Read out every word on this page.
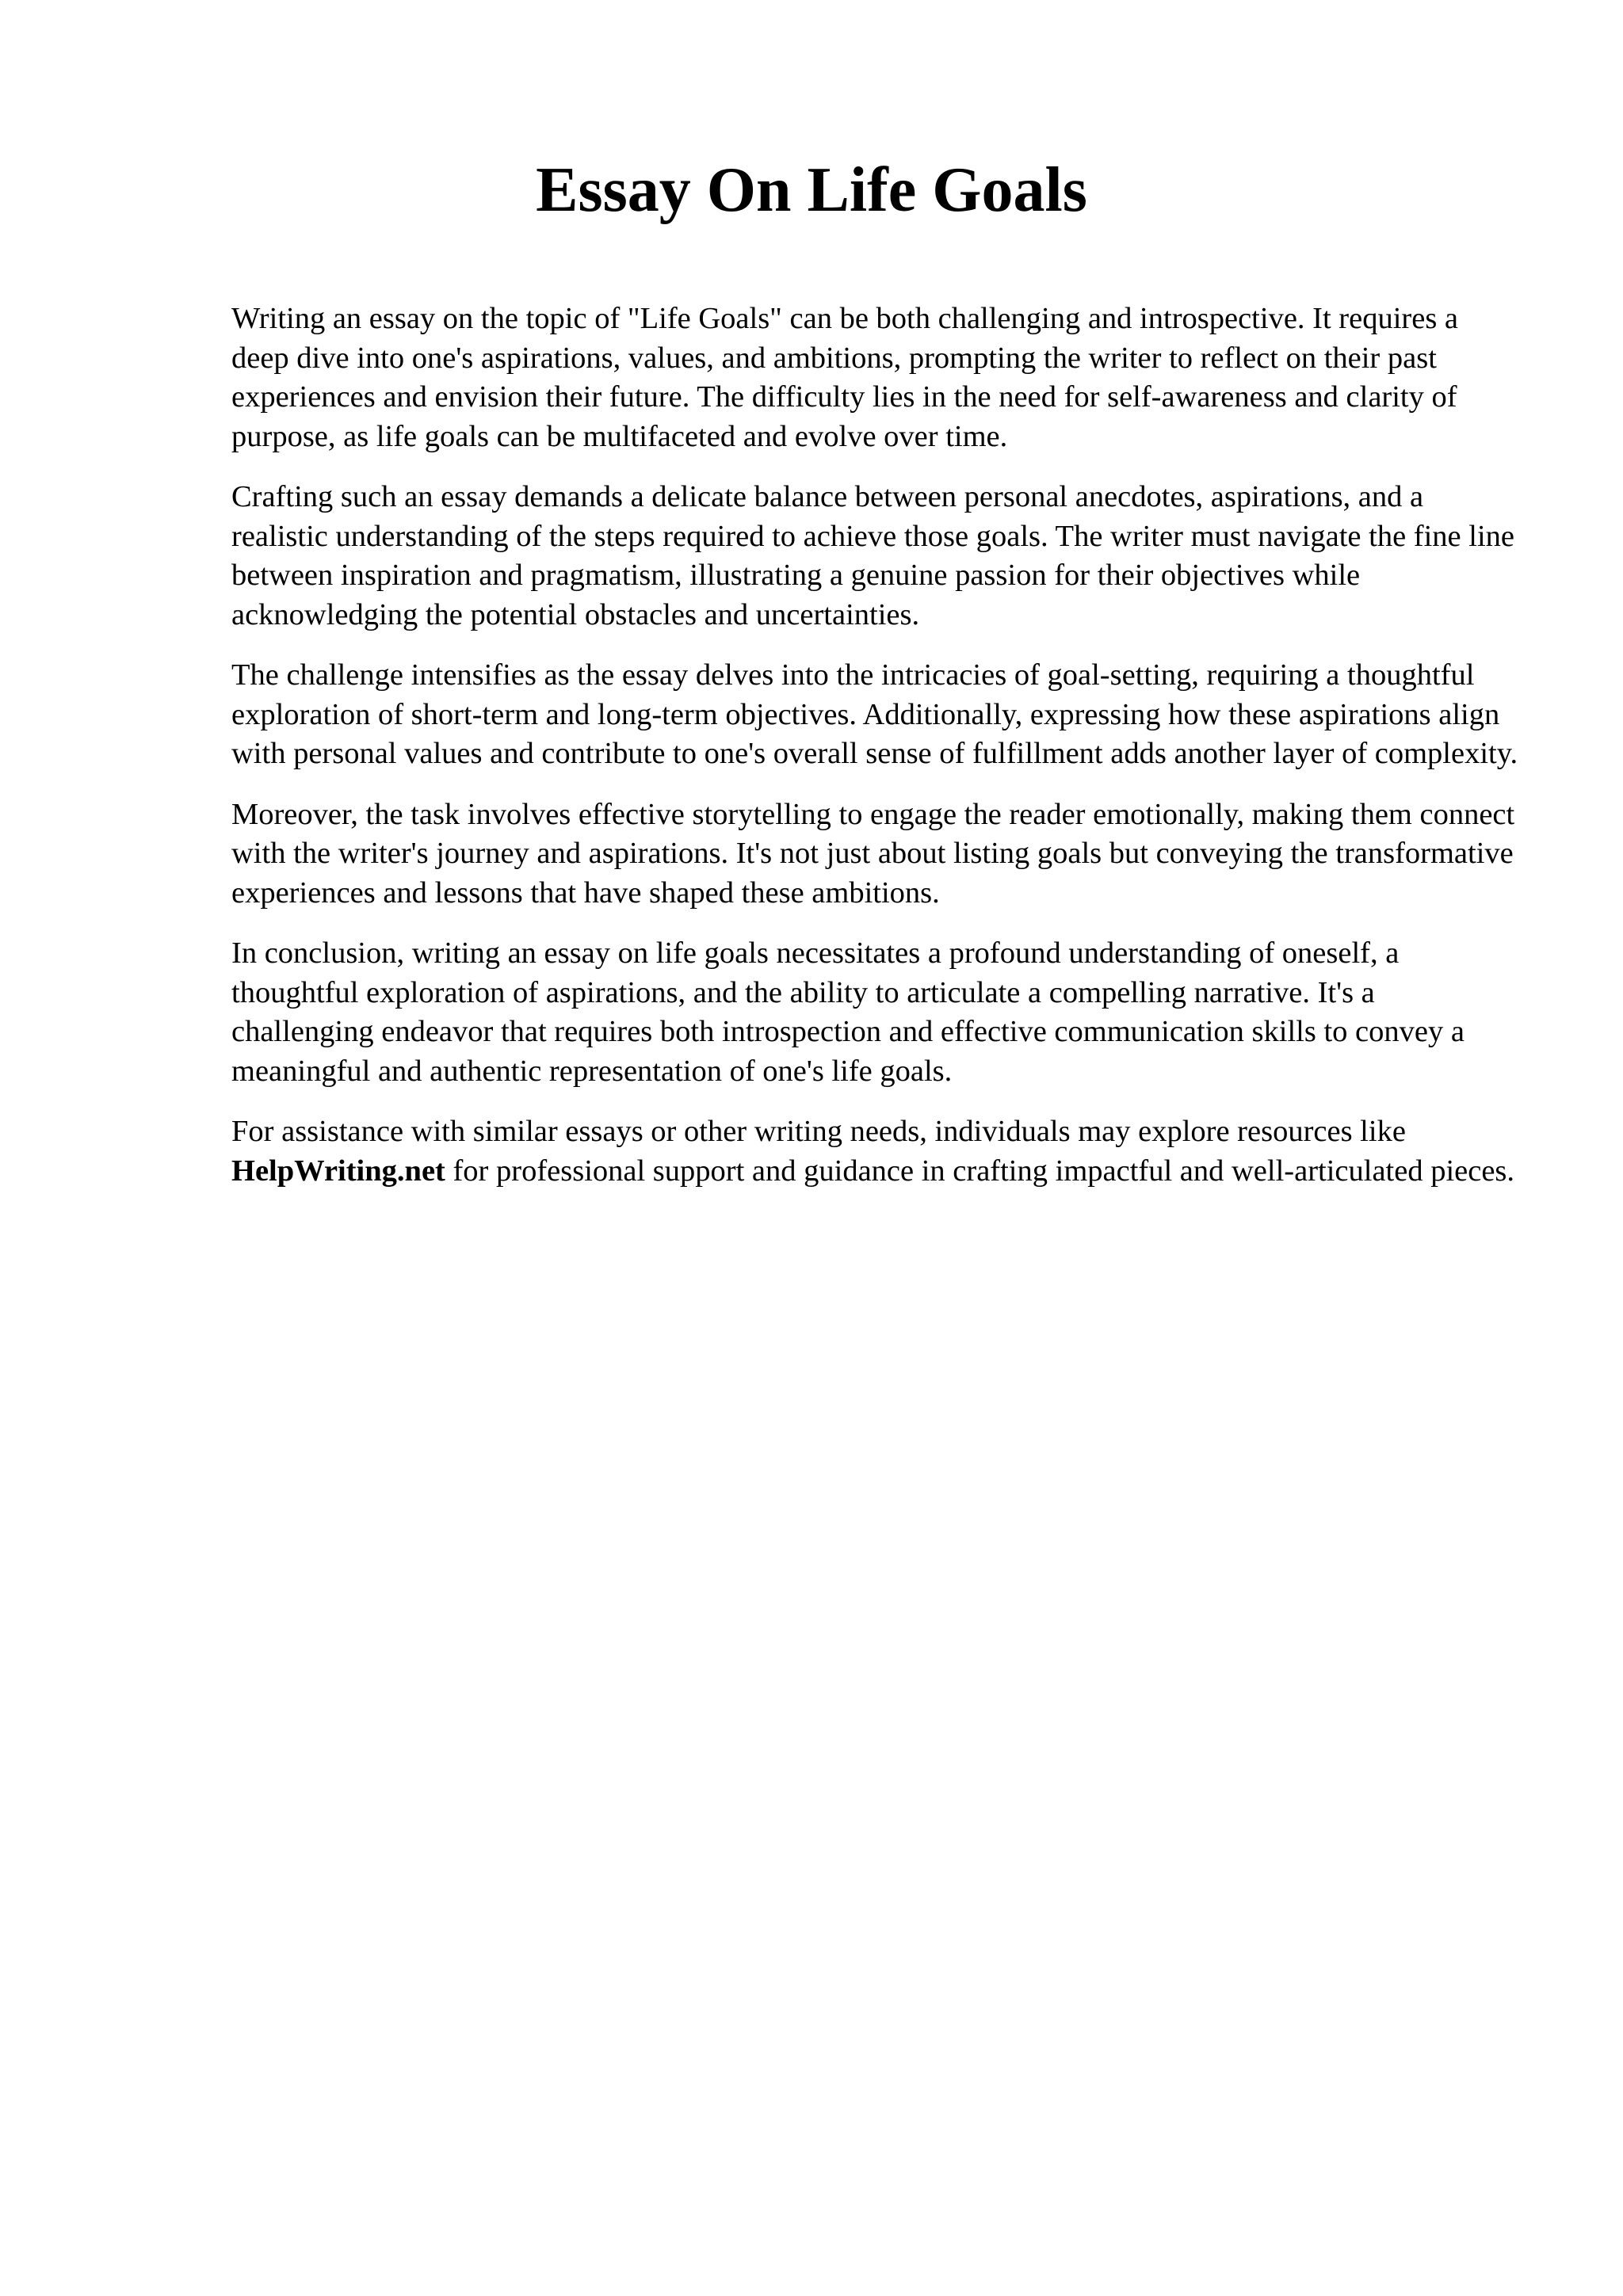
Essay On Life Goals

Writing an essay on the topic of "Life Goals" can be both challenging and introspective. It requires a deep dive into one's aspirations, values, and ambitions, prompting the writer to reflect on their past experiences and envision their future. The difficulty lies in the need for self-awareness and clarity of purpose, as life goals can be multifaceted and evolve over time.

Crafting such an essay demands a delicate balance between personal anecdotes, aspirations, and a realistic understanding of the steps required to achieve those goals. The writer must navigate the fine line between inspiration and pragmatism, illustrating a genuine passion for their objectives while acknowledging the potential obstacles and uncertainties.

The challenge intensifies as the essay delves into the intricacies of goal-setting, requiring a thoughtful exploration of short-term and long-term objectives. Additionally, expressing how these aspirations align with personal values and contribute to one's overall sense of fulfillment adds another layer of complexity.

Moreover, the task involves effective storytelling to engage the reader emotionally, making them connect with the writer's journey and aspirations. It's not just about listing goals but conveying the transformative experiences and lessons that have shaped these ambitions.

In conclusion, writing an essay on life goals necessitates a profound understanding of oneself, a thoughtful exploration of aspirations, and the ability to articulate a compelling narrative. It's a challenging endeavor that requires both introspection and effective communication skills to convey a meaningful and authentic representation of one's life goals.

For assistance with similar essays or other writing needs, individuals may explore resources like HelpWriting.net for professional support and guidance in crafting impactful and well-articulated pieces.
